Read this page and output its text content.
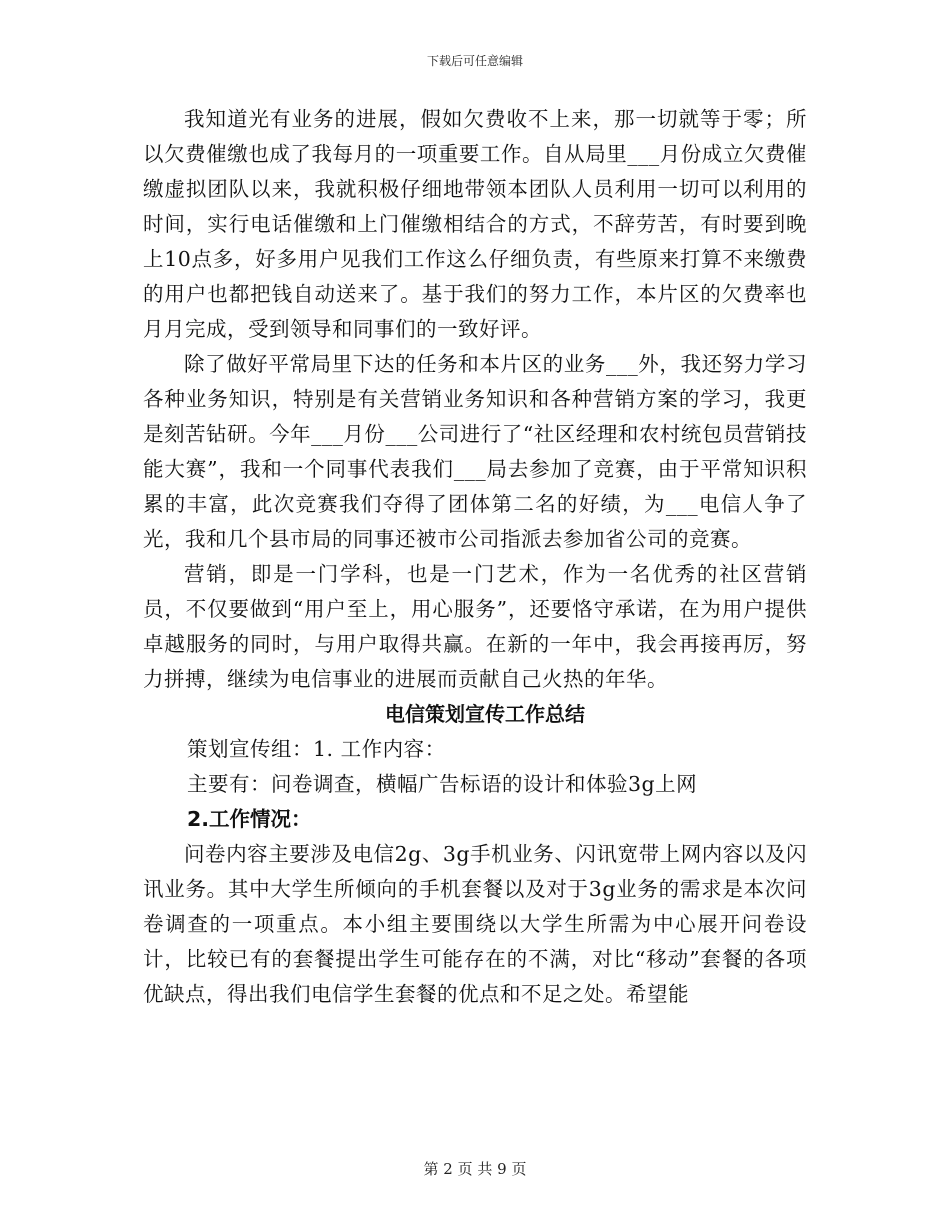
下载后可任意编辑

我知道光有业务的进展，假如欠费收不上来，那一切就等于零；所以欠费催缴也成了我每月的一项重要工作。自从局里___月份成立欠费催缴虚拟团队以来，我就积极仔细地带领本团队人员利用一切可以利用的时间，实行电话催缴和上门催缴相结合的方式，不辞劳苦，有时要到晚上10点多，好多用户见我们工作这么仔细负责，有些原来打算不来缴费的用户也都把钱自动送来了。基于我们的努力工作，本片区的欠费率也月月完成，受到领导和同事们的一致好评。

除了做好平常局里下达的任务和本片区的业务___外，我还努力学习各种业务知识，特别是有关营销业务知识和各种营销方案的学习，我更是刻苦钻研。今年___月份___公司进行了“社区经理和农村统包员营销技能大赛”，我和一个同事代表我们___局去参加了竞赛，由于平常知识积累的丰富，此次竞赛我们夺得了团体第二名的好绩，为___电信人争了光，我和几个县市局的同事还被市公司指派去参加省公司的竞赛。

营销，即是一门学科，也是一门艺术，作为一名优秀的社区营销员，不仅要做到“用户至上，用心服务”，还要恪守承诺，在为用户提供卓越服务的同时，与用户取得共赢。在新的一年中，我会再接再厉，努力拼搏，继续为电信事业的进展而贡献自己火热的年华。

电信策划宣传工作总结

策划宣传组：1. 工作内容：

主要有：问卷调查，横幅广告标语的设计和体验3g上网

2.工作情况：

问卷内容主要涉及电信2g、3g手机业务、闪讯宽带上网内容以及闪讯业务。其中大学生所倾向的手机套餐以及对于3g业务的需求是本次问卷调查的一项重点。本小组主要围绕以大学生所需为中心展开问卷设计，比较已有的套餐提出学生可能存在的不满，对比“移动”套餐的各项优缺点，得出我们电信学生套餐的优点和不足之处。希望能

第 2 页 共 9 页
